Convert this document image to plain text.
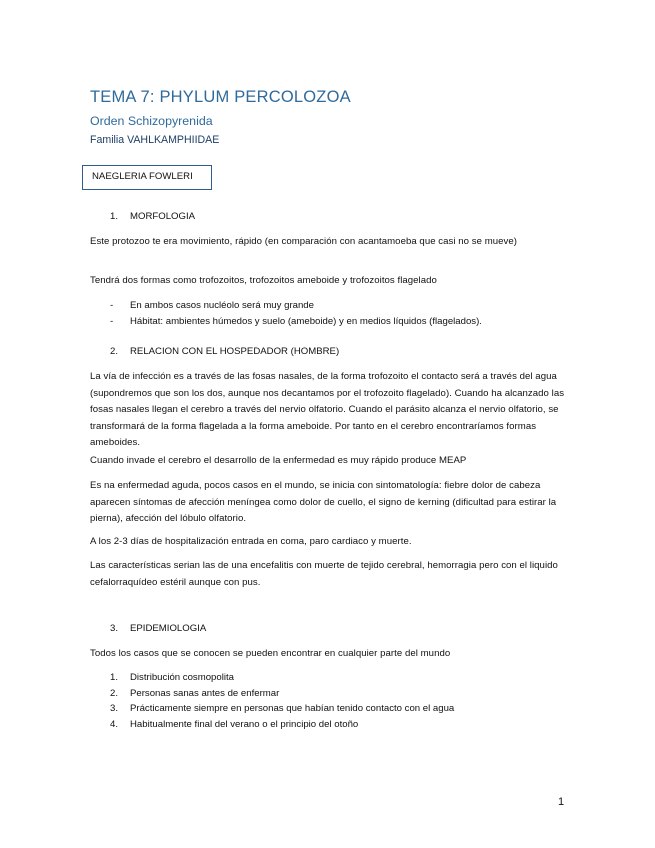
TEMA 7: PHYLUM PERCOLOZOA
Orden Schizopyrenida
Familia VAHLKAMPHIIDAE
NAEGLERIA FOWLERI
1. MORFOLOGIA
Este protozoo te era movimiento, rápido (en comparación con acantamoeba que casi no se mueve)
Tendrá dos formas como trofozoitos, trofozoitos ameboide y trofozoitos flagelado
- En ambos casos nucléolo será muy grande
- Hábitat: ambientes húmedos y suelo (ameboide) y en medios líquidos (flagelados).
2. RELACION CON EL HOSPEDADOR (HOMBRE)
La vía de infección es a través de las fosas nasales, de la forma trofozoito el contacto será a través del agua (supondremos que son los dos, aunque nos decantamos por el trofozoito flagelado). Cuando ha alcanzado las fosas nasales llegan el cerebro a través del nervio olfatorio. Cuando el parásito alcanza el nervio olfatorio, se transformará de la forma flagelada a la forma ameboide. Por tanto en el cerebro encontraríamos formas ameboides.
Cuando invade el cerebro el desarrollo de la enfermedad es muy rápido produce MEAP
Es na enfermedad aguda, pocos casos en el mundo, se inicia con sintomatología: fiebre dolor de cabeza aparecen síntomas de afección meníngea como dolor de cuello, el signo de kerning (dificultad para estirar la pierna), afección del lóbulo olfatorio.
A los 2-3 días de hospitalización entrada en coma, paro cardiaco y muerte.
Las características serian las de una encefalitis con muerte de tejido cerebral, hemorragia pero con el liquido cefalorraquídeo estéril aunque con pus.
3. EPIDEMIOLOGIA
Todos los casos que se conocen se pueden encontrar en cualquier parte del mundo
1. Distribución cosmopolita
2. Personas sanas antes de enfermar
3. Prácticamente siempre en personas que habían tenido contacto con el agua
4. Habitualmente final del verano o el principio del otoño
1
